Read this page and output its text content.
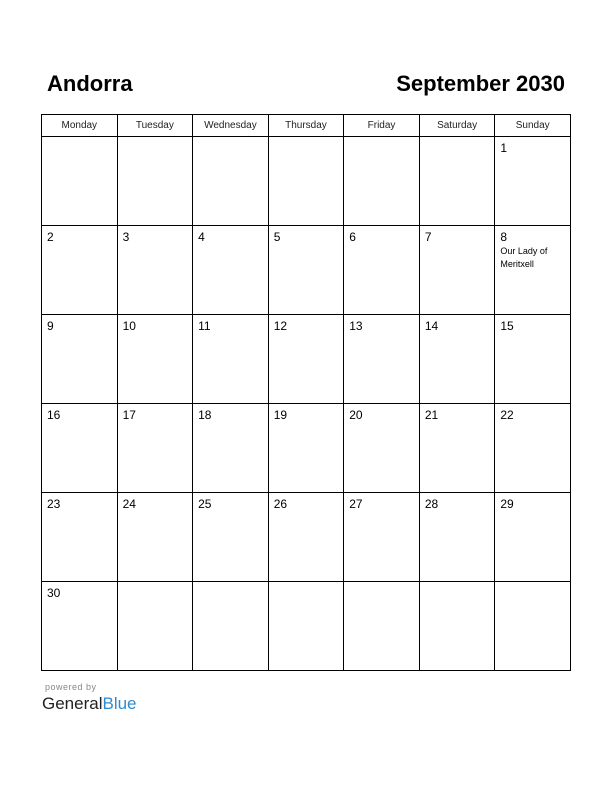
Andorra	September 2030
Monday	Tuesday	Wednesday	Thursday	Friday	Saturday	Sunday

						1

2	3	4	5	6	7	8
Our Lady of Meritxell

9	10	11	12	13	14	15

16	17	18	19	20	21	22

23	24	25	26	27	28	29

30						

powered by
GeneralBlue
